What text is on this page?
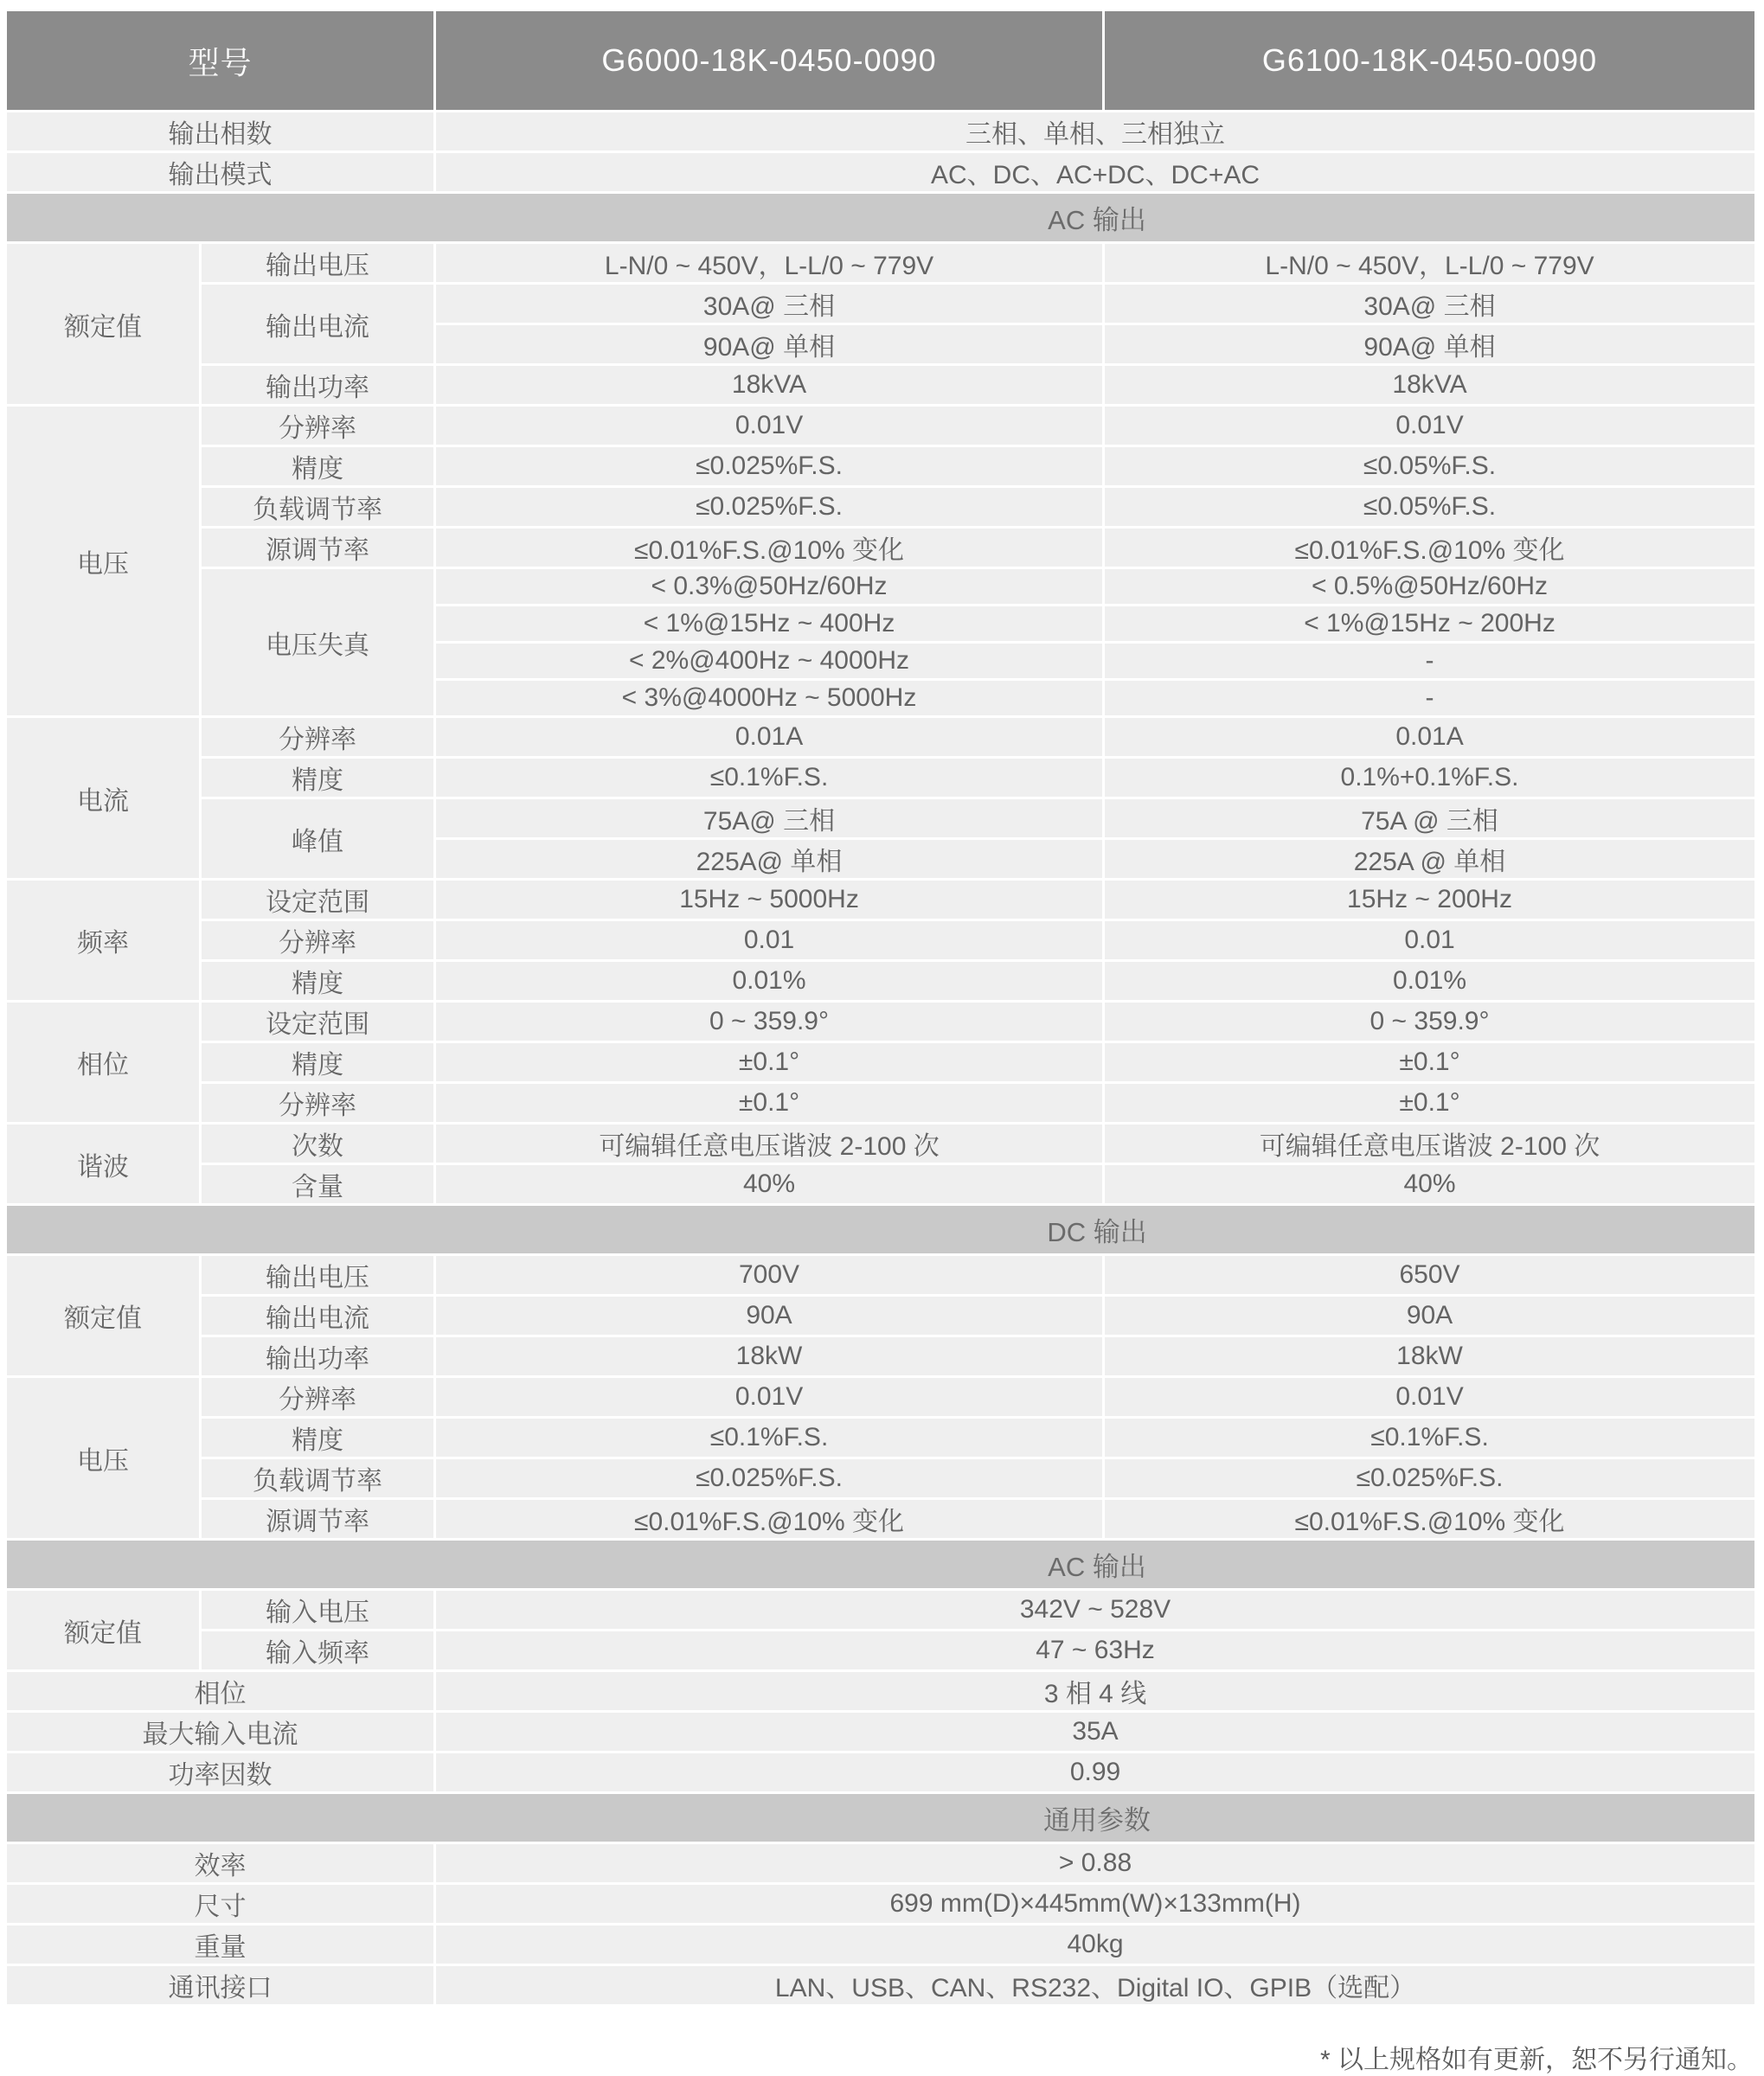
型号		G6000-18K-0450-0090	G6100-18K-0450-0090
输出相数		三相、单相、三相独立	
输出模式		AC、DC、AC+DC、DC+AC	

AC 输出			

额定值	输出电压	L-N/0 ~ 450V，L-L/0 ~ 779V	L-N/0 ~ 450V，L-L/0 ~ 779V
	输出电流	30A@ 三相	30A@ 三相
		90A@ 单相	90A@ 单相
	输出功率	18kVA	18kVA
电压	分辨率	0.01V	0.01V
	精度	≤0.025%F.S.	≤0.05%F.S.
	负载调节率	≤0.025%F.S.	≤0.05%F.S.
	源调节率	≤0.01%F.S.@10% 变化	≤0.01%F.S.@10% 变化
	电压失真	< 0.3%@50Hz/60Hz	< 0.5%@50Hz/60Hz
		< 1%@15Hz ~ 400Hz	< 1%@15Hz ~ 200Hz
		< 2%@400Hz ~ 4000Hz	-
		< 3%@4000Hz ~ 5000Hz	-
电流	分辨率	0.01A	0.01A
	精度	≤0.1%F.S.	0.1%+0.1%F.S.
	峰值	75A@ 三相	75A @ 三相
		225A@ 单相	225A @ 单相
频率	设定范围	15Hz ~ 5000Hz	15Hz ~ 200Hz
	分辨率	0.01	0.01
	精度	0.01%	0.01%
相位	设定范围	0 ~ 359.9°	0 ~ 359.9°
	精度	±0.1°	±0.1°
	分辨率	±0.1°	±0.1°
谐波	次数	可编辑任意电压谐波 2-100 次	可编辑任意电压谐波 2-100 次
	含量	40%	40%

DC 输出			

额定值	输出电压	700V	650V
	输出电流	90A	90A
	输出功率	18kW	18kW
电压	分辨率	0.01V	0.01V
	精度	≤0.1%F.S.	≤0.1%F.S.
	负载调节率	≤0.025%F.S.	≤0.025%F.S.
	源调节率	≤0.01%F.S.@10% 变化	≤0.01%F.S.@10% 变化

AC 输出			

额定值	输入电压	342V ~ 528V	
	输入频率	47 ~ 63Hz	
相位		3 相 4 线	
最大输入电流		35A	
功率因数		0.99	

通用参数			

效率		> 0.88	
尺寸		699 mm(D)×445mm(W)×133mm(H)	
重量		40kg	
通讯接口		LAN、USB、CAN、RS232、Digital IO、GPIB（选配）	
* 以上规格如有更新，恕不另行通知。
